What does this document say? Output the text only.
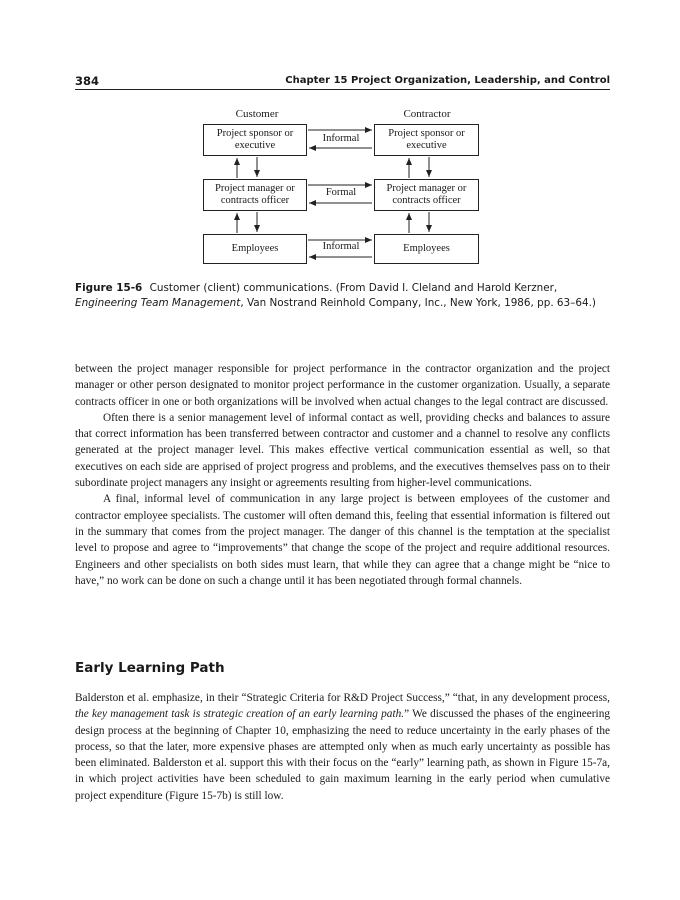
384	Chapter 15 Project Organization, Leadership, and Control
Customer	Contractor
Project sponsor or executive
Project sponsor or executive
Project manager or contracts officer
Project manager or contracts officer
Employees	Employees
Informal
Formal
Informal
Figure 15-6 Customer (client) communications. (From David I. Cleland and Harold Kerzner, Engineering Team Management, Van Nostrand Reinhold Company, Inc., New York, 1986, pp. 63–64.)

between the project manager responsible for project performance in the contractor organization and the project manager or other person designated to monitor project performance in the customer organization. Usually, a separate contracts officer in one or both organizations will be involved when actual changes to the legal contract are discussed.

Often there is a senior management level of informal contact as well, providing checks and balances to assure that correct information has been transferred between contractor and customer and a channel to resolve any conflicts generated at the project manager level. This makes effective vertical communication essential as well, so that executives on each side are apprised of project progress and problems, and the executives themselves pass on to their subordinate project managers any insight or agreements resulting from higher-level communications.

A final, informal level of communication in any large project is between employees of the customer and contractor employee specialists. The customer will often demand this, feeling that essential information is filtered out in the summary that comes from the project manager. The danger of this channel is the temptation at the specialist level to propose and agree to “improvements” that change the scope of the project and require additional resources. Engineers and other specialists on both sides must learn, that while they can agree that a change might be “nice to have,” no work can be done on such a change until it has been negotiated through formal channels.

Early Learning Path

Balderston et al. emphasize, in their “Strategic Criteria for R&D Project Success,” “that, in any development process, the key management task is strategic creation of an early learning path.” We discussed the phases of the engineering design process at the beginning of Chapter 10, emphasizing the need to reduce uncertainty in the early phases of the process, so that the later, more expensive phases are attempted only when as much early uncertainty as possible has been eliminated. Balderston et al. support this with their focus on the “early” learning path, as shown in Figure 15-7a, in which project activities have been scheduled to gain maximum learning in the early period when cumulative project expenditure (Figure 15-7b) is still low.
